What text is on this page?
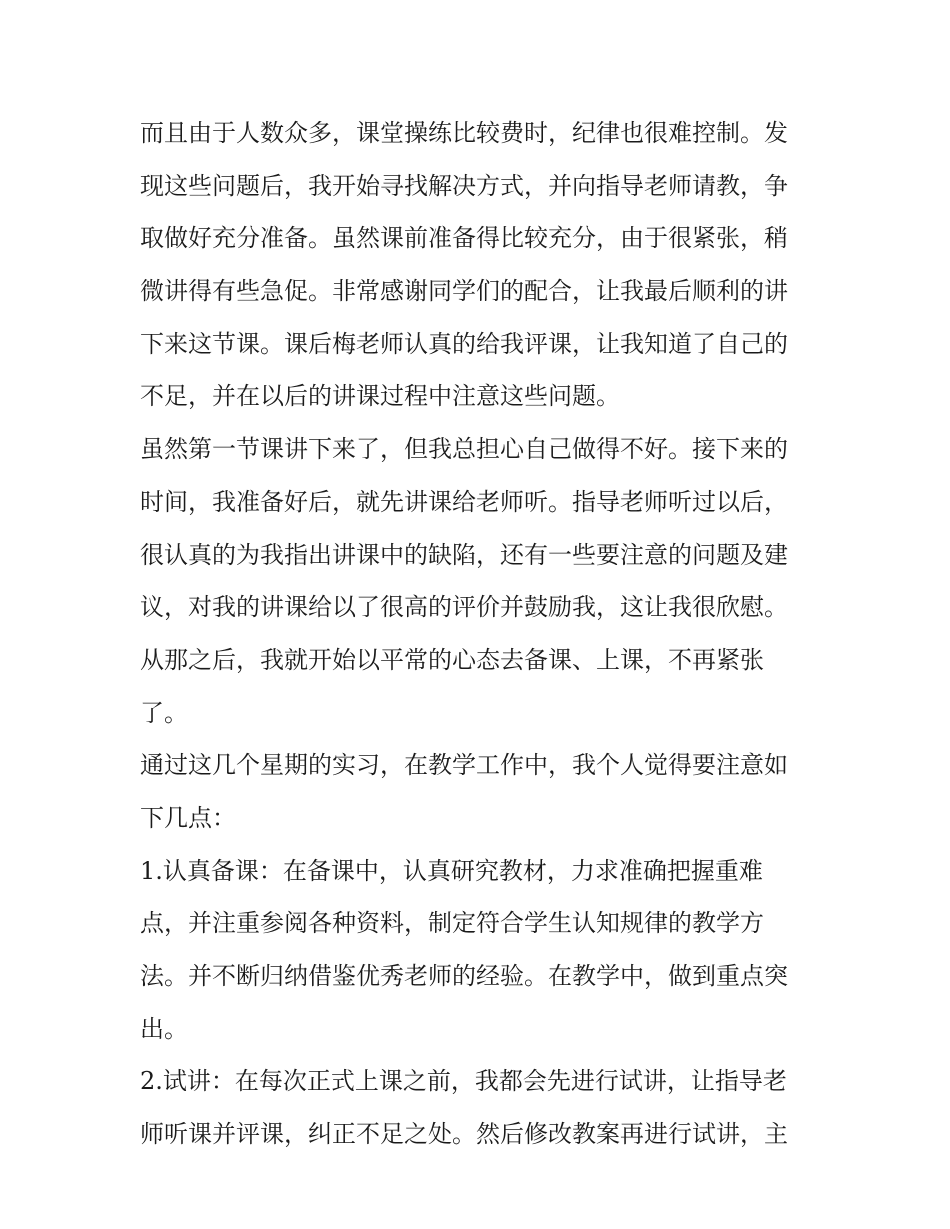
而且由于人数众多，课堂操练比较费时，纪律也很难控制。发
现这些问题后，我开始寻找解决方式，并向指导老师请教，争
取做好充分准备。虽然课前准备得比较充分，由于很紧张，稍
微讲得有些急促。非常感谢同学们的配合，让我最后顺利的讲
下来这节课。课后梅老师认真的给我评课，让我知道了自己的
不足，并在以后的讲课过程中注意这些问题。
虽然第一节课讲下来了，但我总担心自己做得不好。接下来的
时间，我准备好后，就先讲课给老师听。指导老师听过以后，
很认真的为我指出讲课中的缺陷，还有一些要注意的问题及建
议，对我的讲课给以了很高的评价并鼓励我，这让我很欣慰。
从那之后，我就开始以平常的心态去备课、上课，不再紧张
了。
通过这几个星期的实习，在教学工作中，我个人觉得要注意如
下几点：
1.认真备课：在备课中，认真研究教材，力求准确把握重难
点，并注重参阅各种资料，制定符合学生认知规律的教学方
法。并不断归纳借鉴优秀老师的经验。在教学中，做到重点突
出。
2.试讲：在每次正式上课之前，我都会先进行试讲，让指导老
师听课并评课，纠正不足之处。然后修改教案再进行试讲，主
